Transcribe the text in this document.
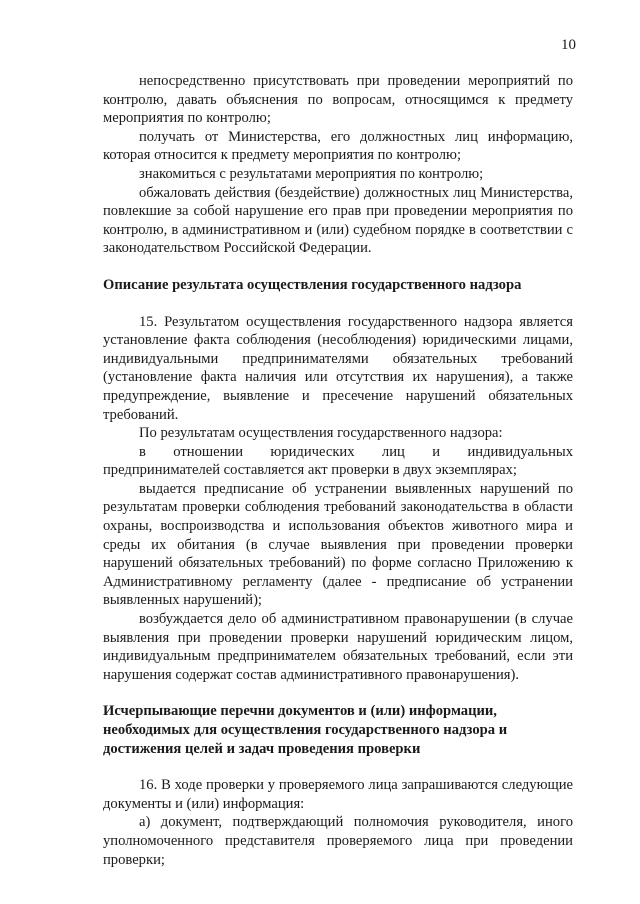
10

непосредственно присутствовать при проведении мероприятий по контролю, давать объяснения по вопросам, относящимся к предмету мероприятия по контролю;

получать от Министерства, его должностных лиц информацию, которая относится к предмету мероприятия по контролю;

знакомиться с результатами мероприятия по контролю;

обжаловать действия (бездействие) должностных лиц Министерства, повлекшие за собой нарушение его прав при проведении мероприятия по контролю, в административном и (или) судебном порядке в соответствии с законодательством Российской Федерации.

Описание результата осуществления государственного надзора

15. Результатом осуществления государственного надзора является установление факта соблюдения (несоблюдения) юридическими лицами, индивидуальными предпринимателями обязательных требований (установление факта наличия или отсутствия их нарушения), а также предупреждение, выявление и пресечение нарушений обязательных требований.

По результатам осуществления государственного надзора:

в отношении юридических лиц и индивидуальных предпринимателей составляется акт проверки в двух экземплярах;

выдается предписание об устранении выявленных нарушений по результатам проверки соблюдения требований законодательства в области охраны, воспроизводства и использования объектов животного мира и среды их обитания (в случае выявления при проведении проверки нарушений обязательных требований) по форме согласно Приложению к Административному регламенту (далее - предписание об устранении выявленных нарушений);

возбуждается дело об административном правонарушении (в случае выявления при проведении проверки нарушений юридическим лицом, индивидуальным предпринимателем обязательных требований, если эти нарушения содержат состав административного правонарушения).

Исчерпывающие перечни документов и (или) информации,

необходимых для осуществления государственного надзора и

достижения целей и задач проведения проверки

16. В ходе проверки у проверяемого лица запрашиваются следующие документы и (или) информация:

а) документ, подтверждающий полномочия руководителя, иного уполномоченного представителя проверяемого лица при проведении проверки;
